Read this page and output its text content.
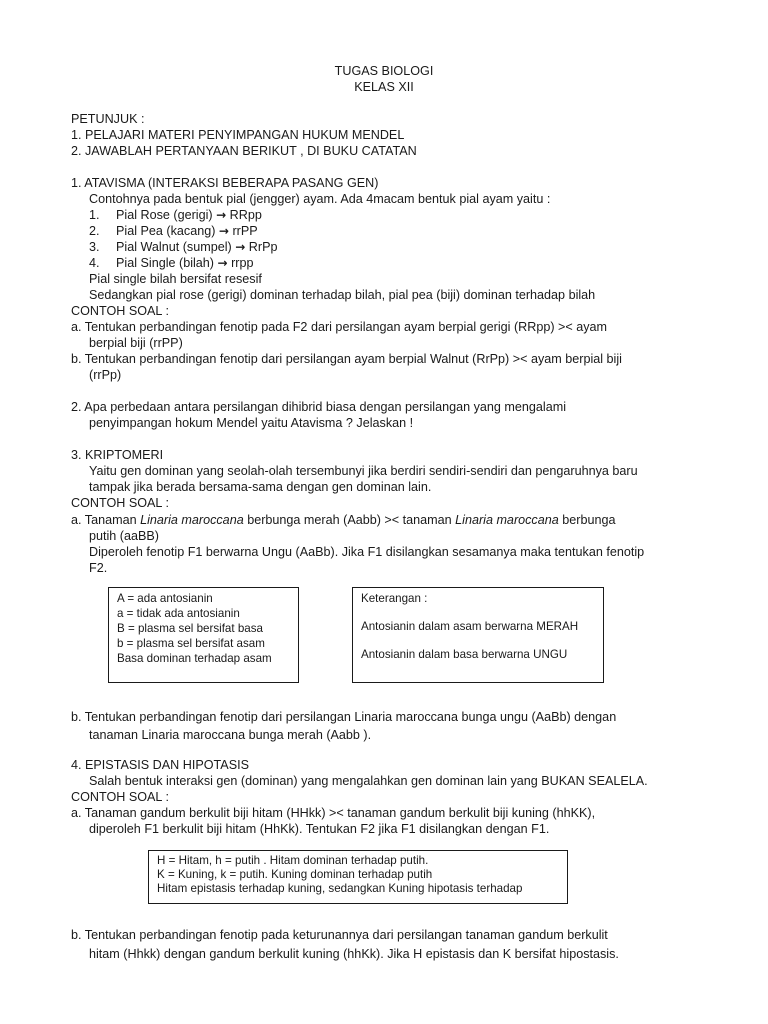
TUGAS BIOLOGI
KELAS XII
PETUNJUK :
1. PELAJARI MATERI PENYIMPANGAN HUKUM MENDEL
2. JAWABLAH PERTANYAAN BERIKUT , DI BUKU CATATAN
1. ATAVISMA (INTERAKSI BEBERAPA PASANG GEN)
Contohnya pada bentuk pial (jengger) ayam. Ada 4macam bentuk pial ayam yaitu :
1. Pial Rose (gerigi) → RRpp
2. Pial Pea (kacang) → rrPP
3. Pial Walnut (sumpel) → RrPp
4. Pial Single (bilah) → rrpp
Pial single bilah bersifat resesif
Sedangkan pial rose (gerigi) dominan terhadap bilah, pial pea (biji) dominan terhadap bilah
CONTOH SOAL :
a. Tentukan perbandingan fenotip pada F2 dari persilangan ayam berpial gerigi (RRpp) >< ayam
berpial biji (rrPP)
b. Tentukan perbandingan fenotip dari persilangan ayam berpial Walnut (RrPp) >< ayam berpial biji
(rrPp)
2. Apa perbedaan antara persilangan dihibrid biasa dengan persilangan yang mengalami
penyimpangan hokum Mendel yaitu Atavisma ? Jelaskan !
3. KRIPTOMERI
Yaitu gen dominan yang seolah-olah tersembunyi jika berdiri sendiri-sendiri dan pengaruhnya baru
tampak jika berada bersama-sama dengan gen dominan lain.
CONTOH SOAL :
a. Tanaman Linaria maroccana berbunga merah (Aabb) >< tanaman Linaria maroccana berbunga
putih (aaBB)
Diperoleh fenotip F1 berwarna Ungu (AaBb). Jika F1 disilangkan sesamanya maka tentukan fenotip
F2.
A = ada antosianin
a = tidak ada antosianin
B = plasma sel bersifat basa
b = plasma sel bersifat asam
Basa dominan terhadap asam
Keterangan :
Antosianin dalam asam berwarna MERAH
Antosianin dalam basa berwarna UNGU
b. Tentukan perbandingan fenotip dari persilangan Linaria maroccana bunga ungu (AaBb) dengan
tanaman Linaria maroccana bunga merah (Aabb ).
4. EPISTASIS DAN HIPOTASIS
Salah bentuk interaksi gen (dominan) yang mengalahkan gen dominan lain yang BUKAN SEALELA.
CONTOH SOAL :
a. Tanaman gandum berkulit biji hitam (HHkk) >< tanaman gandum berkulit biji kuning (hhKK),
diperoleh F1 berkulit biji hitam (HhKk). Tentukan F2 jika F1 disilangkan dengan F1.
H = Hitam, h = putih . Hitam dominan terhadap putih.
K = Kuning, k = putih. Kuning dominan terhadap putih
Hitam epistasis terhadap kuning, sedangkan Kuning hipotasis terhadap
b. Tentukan perbandingan fenotip pada keturunannya dari persilangan tanaman gandum berkulit
hitam (Hhkk) dengan gandum berkulit kuning (hhKk). Jika H epistasis dan K bersifat hipostasis.
